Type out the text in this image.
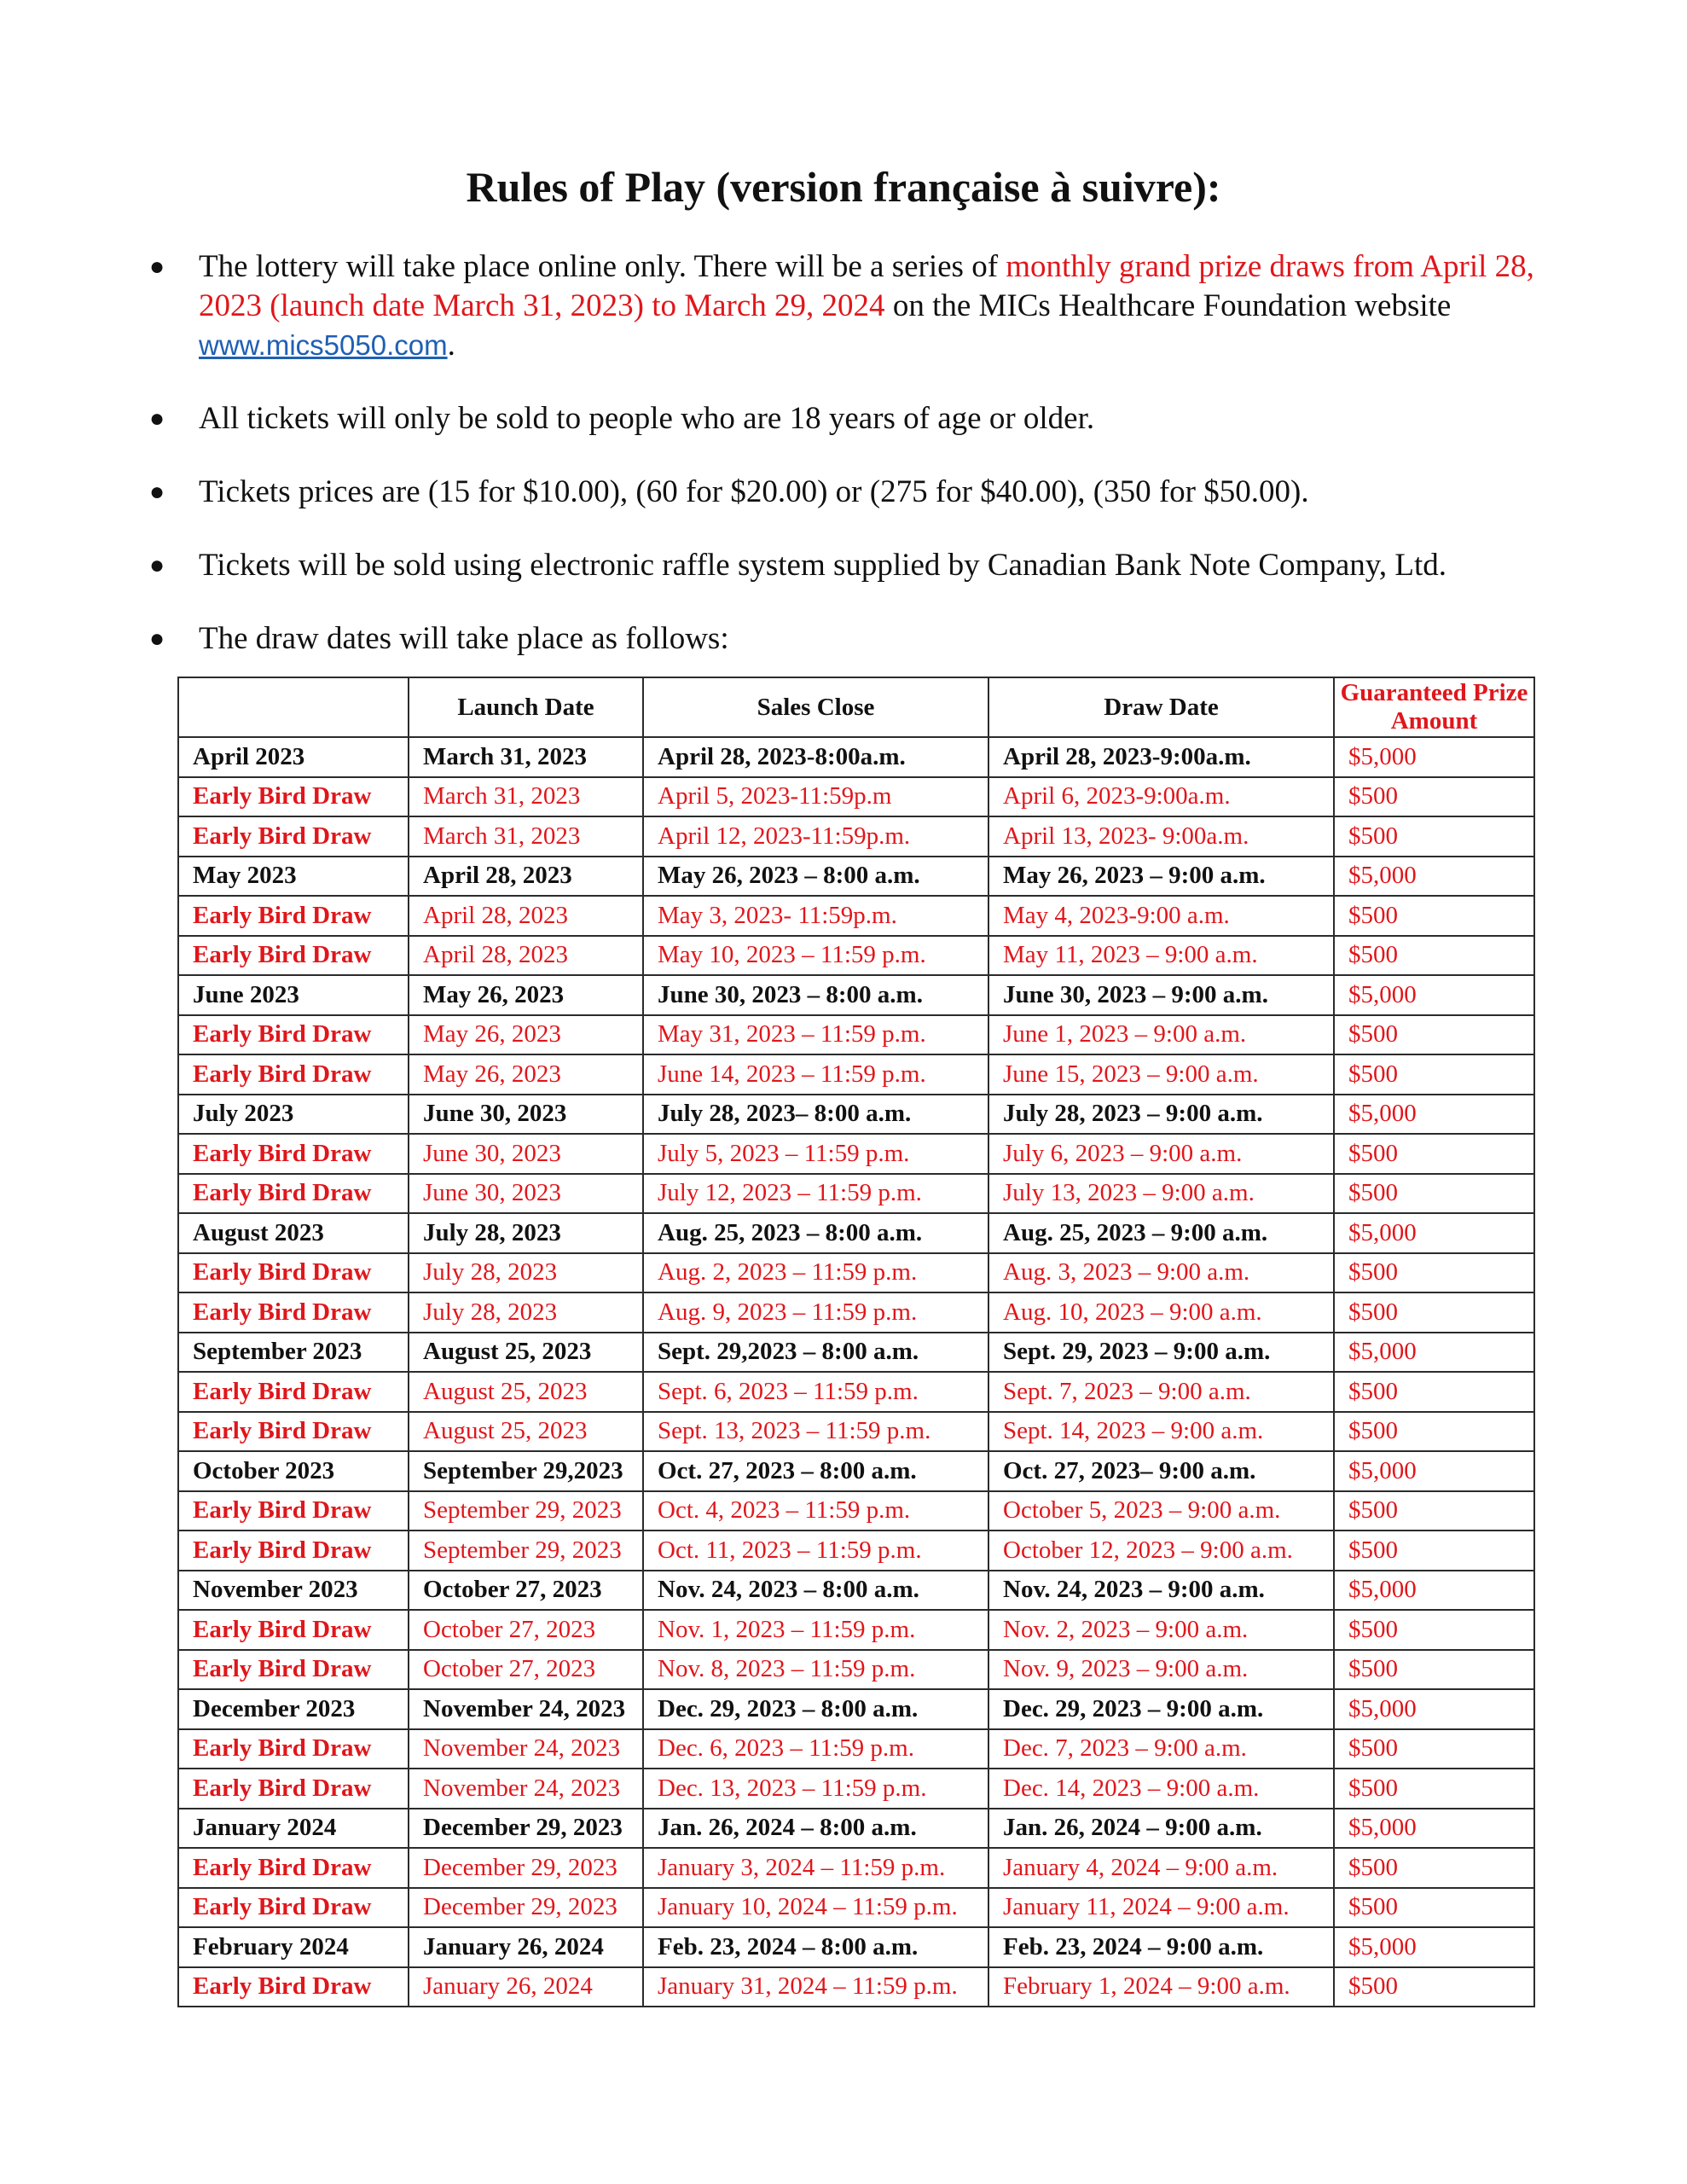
Rules of Play (version française à suivre):
● The lottery will take place online only. There will be a series of monthly grand prize draws from April 28, 2023 (launch date March 31, 2023) to March 29, 2024 on the MICs Healthcare Foundation website www.mics5050.com.
● All tickets will only be sold to people who are 18 years of age or older.
● Tickets prices are (15 for $10.00), (60 for $20.00) or (275 for $40.00), (350 for $50.00).
● Tickets will be sold using electronic raffle system supplied by Canadian Bank Note Company, Ltd.
● The draw dates will take place as follows:
	Launch Date	Sales Close	Draw Date	Guaranteed Prize Amount
April 2023	March 31, 2023	April 28, 2023-8:00a.m.	April 28, 2023-9:00a.m.	$5,000
Early Bird Draw	March 31, 2023	April 5, 2023-11:59p.m	April 6, 2023-9:00a.m.	$500
Early Bird Draw	March 31, 2023	April 12, 2023-11:59p.m.	April 13, 2023- 9:00a.m.	$500
May 2023	April 28, 2023	May 26, 2023 – 8:00 a.m.	May 26, 2023 – 9:00 a.m.	$5,000
Early Bird Draw	April 28, 2023	May 3, 2023- 11:59p.m.	May 4, 2023-9:00 a.m.	$500
Early Bird Draw	April 28, 2023	May 10, 2023 – 11:59 p.m.	May 11, 2023 – 9:00 a.m.	$500
June 2023	May 26, 2023	June 30, 2023 – 8:00 a.m.	June 30, 2023 – 9:00 a.m.	$5,000
Early Bird Draw	May 26, 2023	May 31, 2023 – 11:59 p.m.	June 1, 2023 – 9:00 a.m.	$500
Early Bird Draw	May 26, 2023	June 14, 2023 – 11:59 p.m.	June 15, 2023 – 9:00 a.m.	$500
July 2023	June 30, 2023	July 28, 2023– 8:00 a.m.	July 28, 2023 – 9:00 a.m.	$5,000
Early Bird Draw	June 30, 2023	July 5, 2023 – 11:59 p.m.	July 6, 2023 – 9:00 a.m.	$500
Early Bird Draw	June 30, 2023	July 12, 2023 – 11:59 p.m.	July 13, 2023 – 9:00 a.m.	$500
August 2023	July 28, 2023	Aug. 25, 2023 – 8:00 a.m.	Aug. 25, 2023 – 9:00 a.m.	$5,000
Early Bird Draw	July 28, 2023	Aug. 2, 2023 – 11:59 p.m.	Aug. 3, 2023 – 9:00 a.m.	$500
Early Bird Draw	July 28, 2023	Aug. 9, 2023 – 11:59 p.m.	Aug. 10, 2023 – 9:00 a.m.	$500
September 2023	August 25, 2023	Sept. 29,2023 – 8:00 a.m.	Sept. 29, 2023 – 9:00 a.m.	$5,000
Early Bird Draw	August 25, 2023	Sept. 6, 2023 – 11:59 p.m.	Sept. 7, 2023 – 9:00 a.m.	$500
Early Bird Draw	August 25, 2023	Sept. 13, 2023 – 11:59 p.m.	Sept. 14, 2023 – 9:00 a.m.	$500
October 2023	September 29,2023	Oct. 27, 2023 – 8:00 a.m.	Oct. 27, 2023– 9:00 a.m.	$5,000
Early Bird Draw	September 29, 2023	Oct. 4, 2023 – 11:59 p.m.	October 5, 2023 – 9:00 a.m.	$500
Early Bird Draw	September 29, 2023	Oct. 11, 2023 – 11:59 p.m.	October 12, 2023 – 9:00 a.m.	$500
November 2023	October 27, 2023	Nov. 24, 2023 – 8:00 a.m.	Nov. 24, 2023 – 9:00 a.m.	$5,000
Early Bird Draw	October 27, 2023	Nov. 1, 2023 – 11:59 p.m.	Nov. 2, 2023 – 9:00 a.m.	$500
Early Bird Draw	October 27, 2023	Nov. 8, 2023 – 11:59 p.m.	Nov. 9, 2023 – 9:00 a.m.	$500
December 2023	November 24, 2023	Dec. 29, 2023 – 8:00 a.m.	Dec. 29, 2023 – 9:00 a.m.	$5,000
Early Bird Draw	November 24, 2023	Dec. 6, 2023 – 11:59 p.m.	Dec. 7, 2023 – 9:00 a.m.	$500
Early Bird Draw	November 24, 2023	Dec. 13, 2023 – 11:59 p.m.	Dec. 14, 2023 – 9:00 a.m.	$500
January 2024	December 29, 2023	Jan. 26, 2024 – 8:00 a.m.	Jan. 26, 2024 – 9:00 a.m.	$5,000
Early Bird Draw	December 29, 2023	January 3, 2024 – 11:59 p.m.	January 4, 2024 – 9:00 a.m.	$500
Early Bird Draw	December 29, 2023	January 10, 2024 – 11:59 p.m.	January 11, 2024 – 9:00 a.m.	$500
February 2024	January 26, 2024	Feb. 23, 2024 – 8:00 a.m.	Feb. 23, 2024 – 9:00 a.m.	$5,000
Early Bird Draw	January 26, 2024	January 31, 2024 – 11:59 p.m.	February 1, 2024 – 9:00 a.m.	$500
